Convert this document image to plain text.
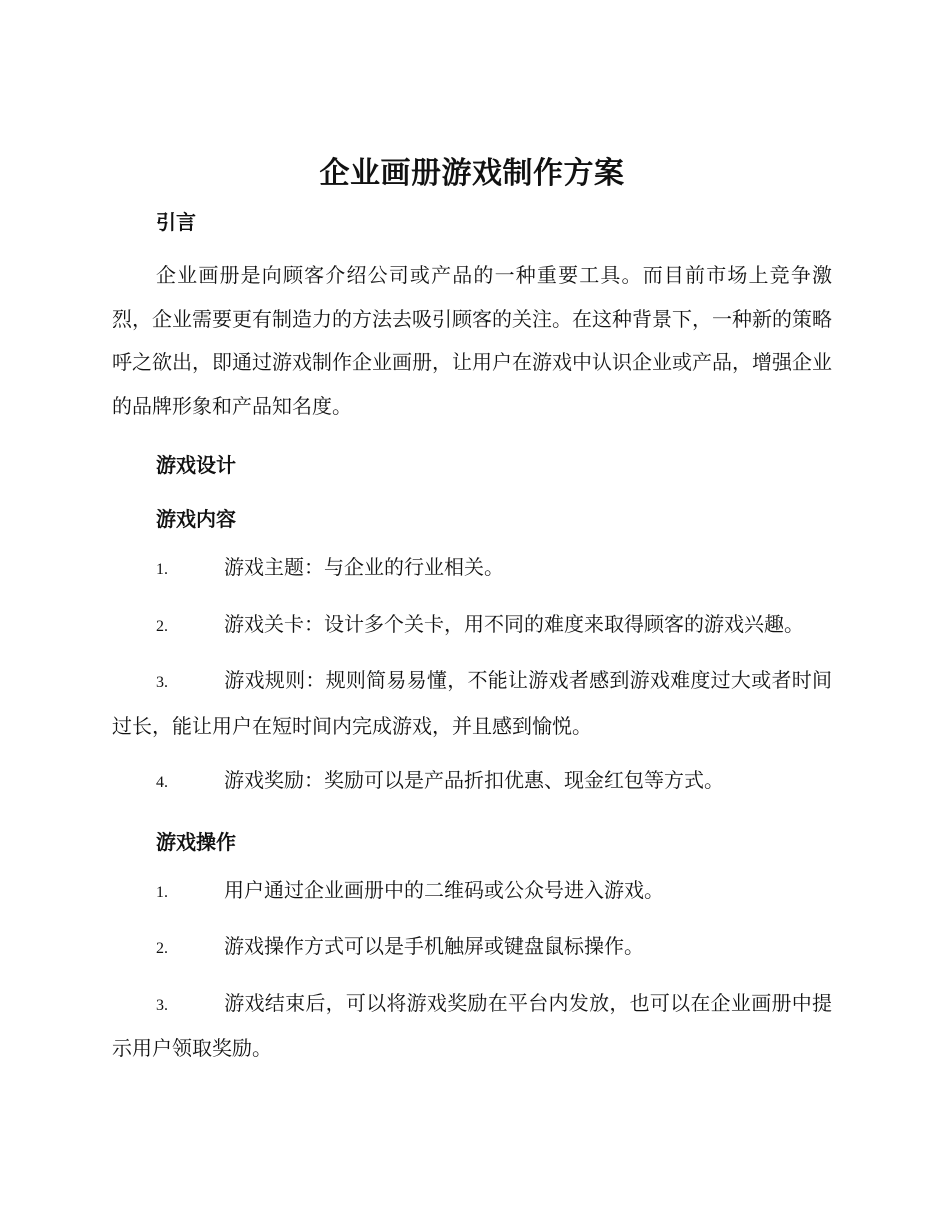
企业画册游戏制作方案
引言

企业画册是向顾客介绍公司或产品的一种重要工具。而目前市场上竞争激烈，企业需要更有制造力的方法去吸引顾客的关注。在这种背景下，一种新的策略呼之欲出，即通过游戏制作企业画册，让用户在游戏中认识企业或产品，增强企业的品牌形象和产品知名度。

游戏设计
游戏内容

1.	游戏主题：与企业的行业相关。

2.	游戏关卡：设计多个关卡，用不同的难度来取得顾客的游戏兴趣。

3.	游戏规则：规则简易易懂，不能让游戏者感到游戏难度过大或者时间过长，能让用户在短时间内完成游戏，并且感到愉悦。

4.	游戏奖励：奖励可以是产品折扣优惠、现金红包等方式。

游戏操作

1.	用户通过企业画册中的二维码或公众号进入游戏。

2.	游戏操作方式可以是手机触屏或键盘鼠标操作。

3.	游戏结束后，可以将游戏奖励在平台内发放，也可以在企业画册中提示用户领取奖励。
